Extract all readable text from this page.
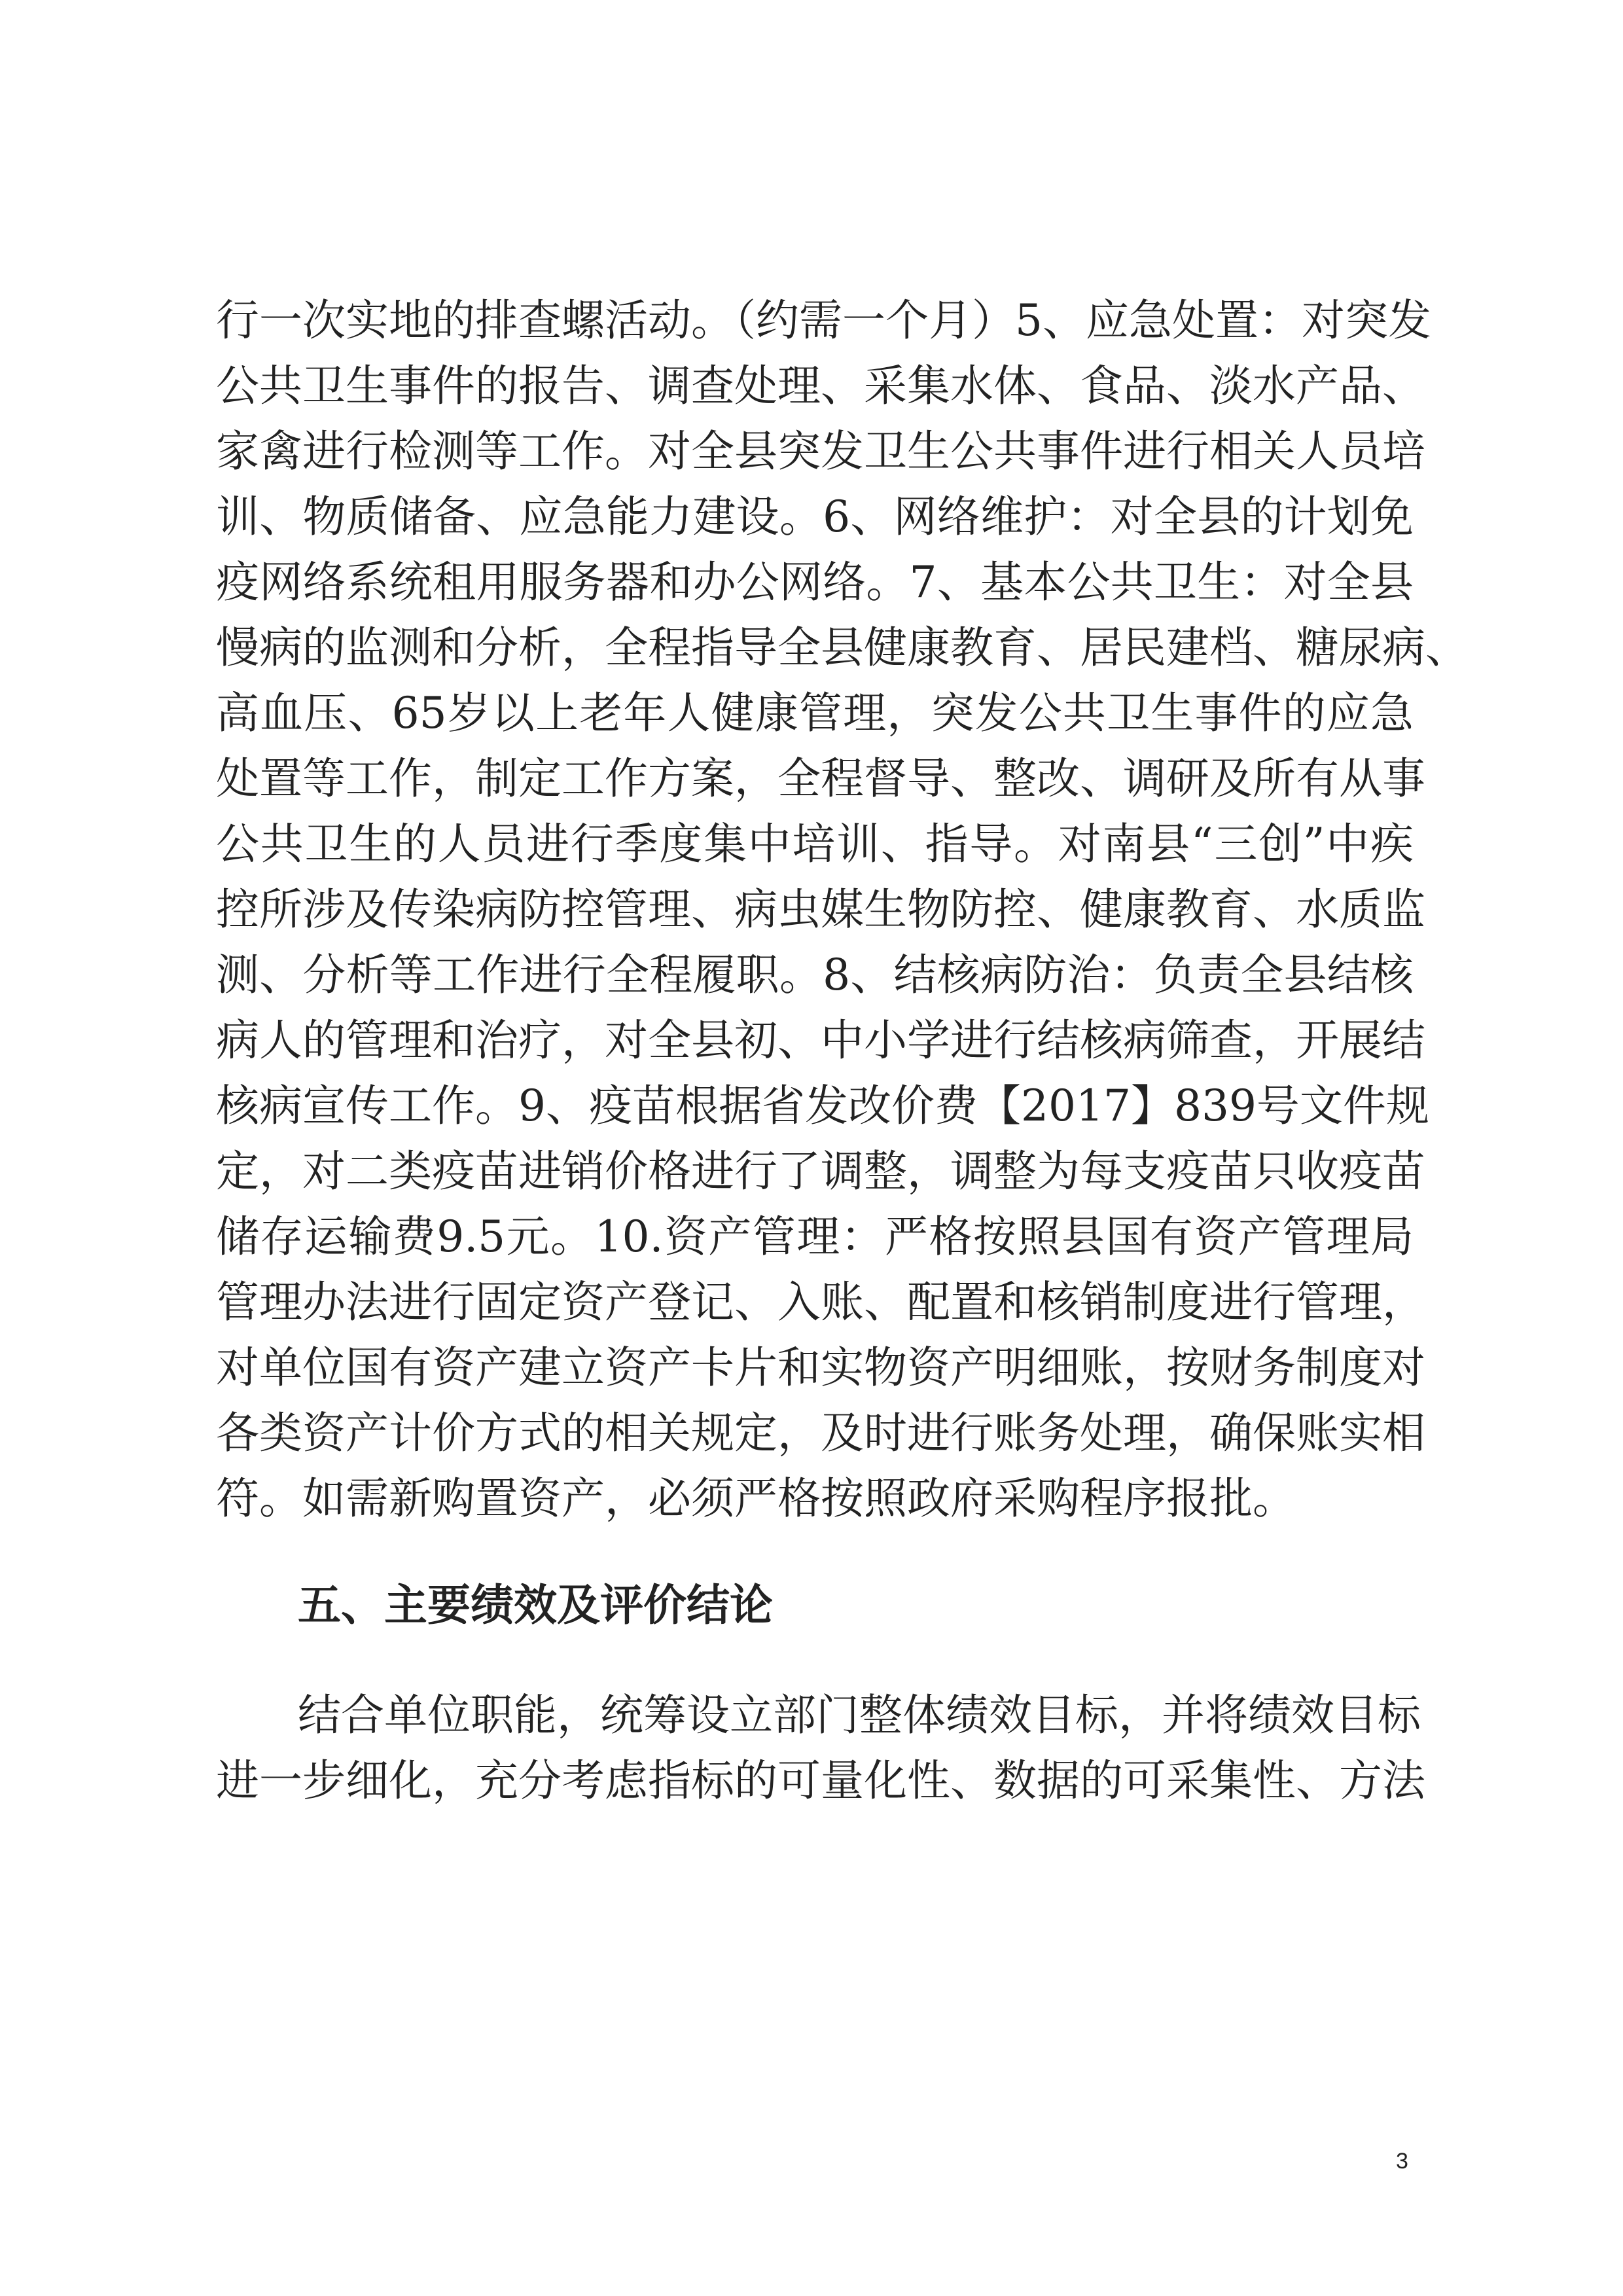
行一次实地的排查螺活动。（约需一个月）5、应急处置：对突发
公共卫生事件的报告、调查处理、采集水体、食品、淡水产品、
家禽进行检测等工作。对全县突发卫生公共事件进行相关人员培
训、物质储备、应急能力建设。6、网络维护：对全县的计划免
疫网络系统租用服务器和办公网络。7、基本公共卫生：对全县
慢病的监测和分析，全程指导全县健康教育、居民建档、糖尿病、
高血压、65岁以上老年人健康管理，突发公共卫生事件的应急
处置等工作，制定工作方案，全程督导、整改、调研及所有从事
公共卫生的人员进行季度集中培训、指导。对南县“三创”中疾
控所涉及传染病防控管理、病虫媒生物防控、健康教育、水质监
测、分析等工作进行全程履职。8、结核病防治：负责全县结核
病人的管理和治疗，对全县初、中小学进行结核病筛查，开展结
核病宣传工作。9、疫苗根据省发改价费【2017】839号文件规
定，对二类疫苗进销价格进行了调整，调整为每支疫苗只收疫苗
储存运输费9.5元。10.资产管理：严格按照县国有资产管理局
管理办法进行固定资产登记、入账、配置和核销制度进行管理，
对单位国有资产建立资产卡片和实物资产明细账，按财务制度对
各类资产计价方式的相关规定，及时进行账务处理，确保账实相
符。如需新购置资产，必须严格按照政府采购程序报批。
五、主要绩效及评价结论
结合单位职能，统筹设立部门整体绩效目标，并将绩效目标
进一步细化，充分考虑指标的可量化性、数据的可采集性、方法
3
